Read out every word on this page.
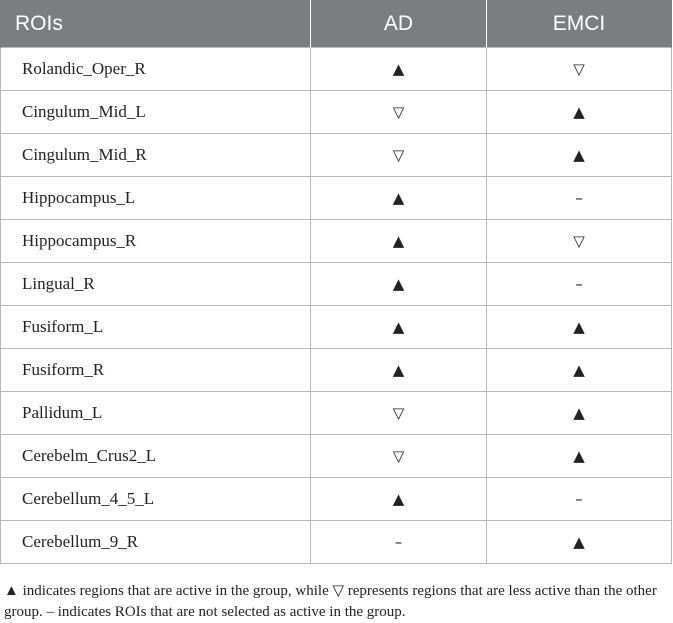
ROIs	AD	EMCI
Rolandic_Oper_R	▲	▽
Cingulum_Mid_L	▽	▲
Cingulum_Mid_R	▽	▲
Hippocampus_L	▲	–
Hippocampus_R	▲	▽
Lingual_R	▲	–
Fusiform_L	▲	▲
Fusiform_R	▲	▲
Pallidum_L	▽	▲
Cerebelm_Crus2_L	▽	▲
Cerebellum_4_5_L	▲	–
Cerebellum_9_R	–	▲
▲ indicates regions that are active in the group, while ▽ represents regions that are less active than the other group. – indicates ROIs that are not selected as active in the group.
